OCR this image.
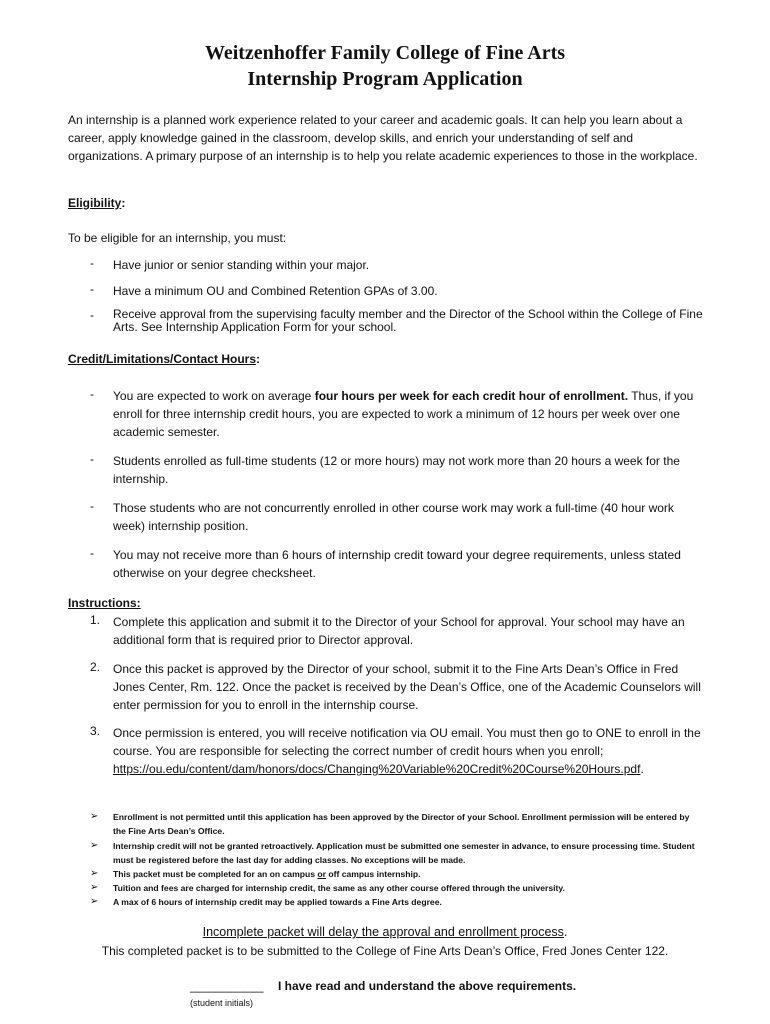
Weitzenhoffer Family College of Fine Arts
Internship Program Application
An internship is a planned work experience related to your career and academic goals. It can help you learn about a career, apply knowledge gained in the classroom, develop skills, and enrich your understanding of self and organizations. A primary purpose of an internship is to help you relate academic experiences to those in the workplace.
Eligibility:
To be eligible for an internship, you must:
- Have junior or senior standing within your major.
- Have a minimum OU and Combined Retention GPAs of 3.00.
- Receive approval from the supervising faculty member and the Director of the School within the College of Fine Arts. See Internship Application Form for your school.
Credit/Limitations/Contact Hours:
- You are expected to work on average four hours per week for each credit hour of enrollment. Thus, if you enroll for three internship credit hours, you are expected to work a minimum of 12 hours per week over one academic semester.
- Students enrolled as full-time students (12 or more hours) may not work more than 20 hours a week for the internship.
- Those students who are not concurrently enrolled in other course work may work a full-time (40 hour work week) internship position.
- You may not receive more than 6 hours of internship credit toward your degree requirements, unless stated otherwise on your degree checksheet.
Instructions:
1. Complete this application and submit it to the Director of your School for approval. Your school may have an additional form that is required prior to Director approval.
2. Once this packet is approved by the Director of your school, submit it to the Fine Arts Dean’s Office in Fred Jones Center, Rm. 122. Once the packet is received by the Dean’s Office, one of the Academic Counselors will enter permission for you to enroll in the internship course.
3. Once permission is entered, you will receive notification via OU email. You must then go to ONE to enroll in the course. You are responsible for selecting the correct number of credit hours when you enroll;
https://ou.edu/content/dam/honors/docs/Changing%20Variable%20Credit%20Course%20Hours.pdf.
➢ Enrollment is not permitted until this application has been approved by the Director of your School. Enrollment permission will be entered by the Fine Arts Dean’s Office.
➢ Internship credit will not be granted retroactively. Application must be submitted one semester in advance, to ensure processing time. Student must be registered before the last day for adding classes. No exceptions will be made.
➢ This packet must be completed for an on campus or off campus internship.
➢ Tuition and fees are charged for internship credit, the same as any other course offered through the university.
➢ A max of 6 hours of internship credit may be applied towards a Fine Arts degree.
Incomplete packet will delay the approval and enrollment process.
This completed packet is to be submitted to the College of Fine Arts Dean’s Office, Fred Jones Center 122.
___________ I have read and understand the above requirements.
(student initials)
